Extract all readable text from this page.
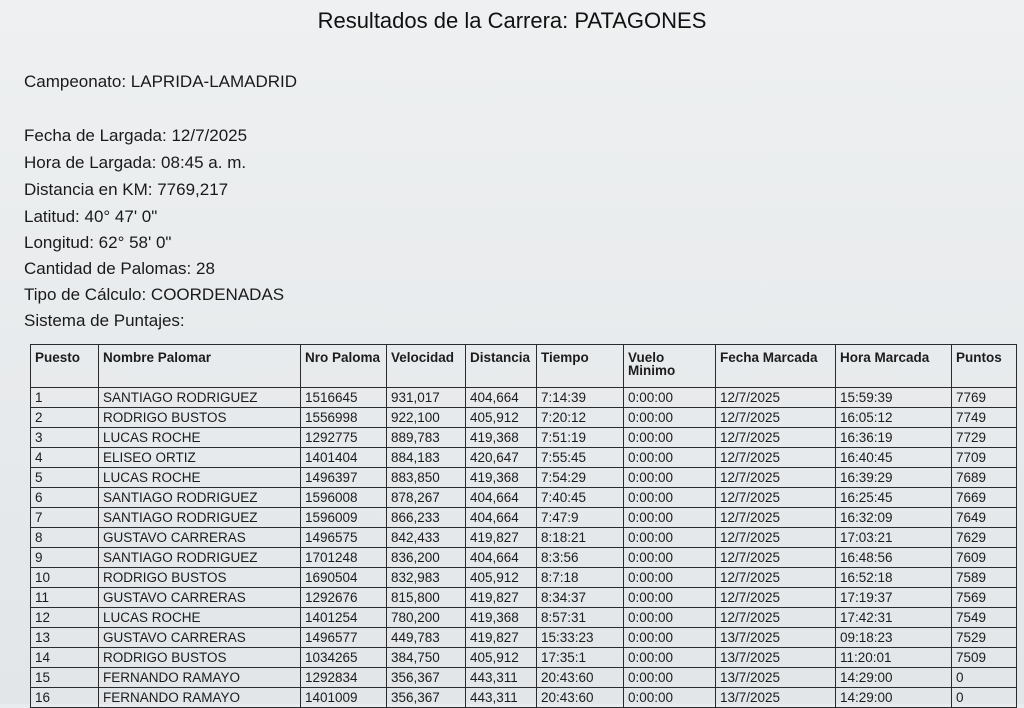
Resultados de la Carrera: PATAGONES
Campeonato: LAPRIDA-LAMADRID
Fecha de Largada: 12/7/2025
Hora de Largada: 08:45 a. m.
Distancia en KM: 7769,217
Latitud: 40° 47' 0"
Longitud: 62° 58' 0"
Cantidad de Palomas: 28
Tipo de Cálculo: COORDENADAS
Sistema de Puntajes:
Puesto	Nombre Palomar	Nro Paloma	Velocidad	Distancia	Tiempo	Vuelo Minimo	Fecha Marcada	Hora Marcada	Puntos
1	SANTIAGO RODRIGUEZ	1516645	931,017	404,664	7:14:39	0:00:00	12/7/2025	15:59:39	7769
2	RODRIGO BUSTOS	1556998	922,100	405,912	7:20:12	0:00:00	12/7/2025	16:05:12	7749
3	LUCAS ROCHE	1292775	889,783	419,368	7:51:19	0:00:00	12/7/2025	16:36:19	7729
4	ELISEO ORTIZ	1401404	884,183	420,647	7:55:45	0:00:00	12/7/2025	16:40:45	7709
5	LUCAS ROCHE	1496397	883,850	419,368	7:54:29	0:00:00	12/7/2025	16:39:29	7689
6	SANTIAGO RODRIGUEZ	1596008	878,267	404,664	7:40:45	0:00:00	12/7/2025	16:25:45	7669
7	SANTIAGO RODRIGUEZ	1596009	866,233	404,664	7:47:9	0:00:00	12/7/2025	16:32:09	7649
8	GUSTAVO CARRERAS	1496575	842,433	419,827	8:18:21	0:00:00	12/7/2025	17:03:21	7629
9	SANTIAGO RODRIGUEZ	1701248	836,200	404,664	8:3:56	0:00:00	12/7/2025	16:48:56	7609
10	RODRIGO BUSTOS	1690504	832,983	405,912	8:7:18	0:00:00	12/7/2025	16:52:18	7589
11	GUSTAVO CARRERAS	1292676	815,800	419,827	8:34:37	0:00:00	12/7/2025	17:19:37	7569
12	LUCAS ROCHE	1401254	780,200	419,368	8:57:31	0:00:00	12/7/2025	17:42:31	7549
13	GUSTAVO CARRERAS	1496577	449,783	419,827	15:33:23	0:00:00	13/7/2025	09:18:23	7529
14	RODRIGO BUSTOS	1034265	384,750	405,912	17:35:1	0:00:00	13/7/2025	11:20:01	7509
15	FERNANDO RAMAYO	1292834	356,367	443,311	20:43:60	0:00:00	13/7/2025	14:29:00	0
16	FERNANDO RAMAYO	1401009	356,367	443,311	20:43:60	0:00:00	13/7/2025	14:29:00	0
